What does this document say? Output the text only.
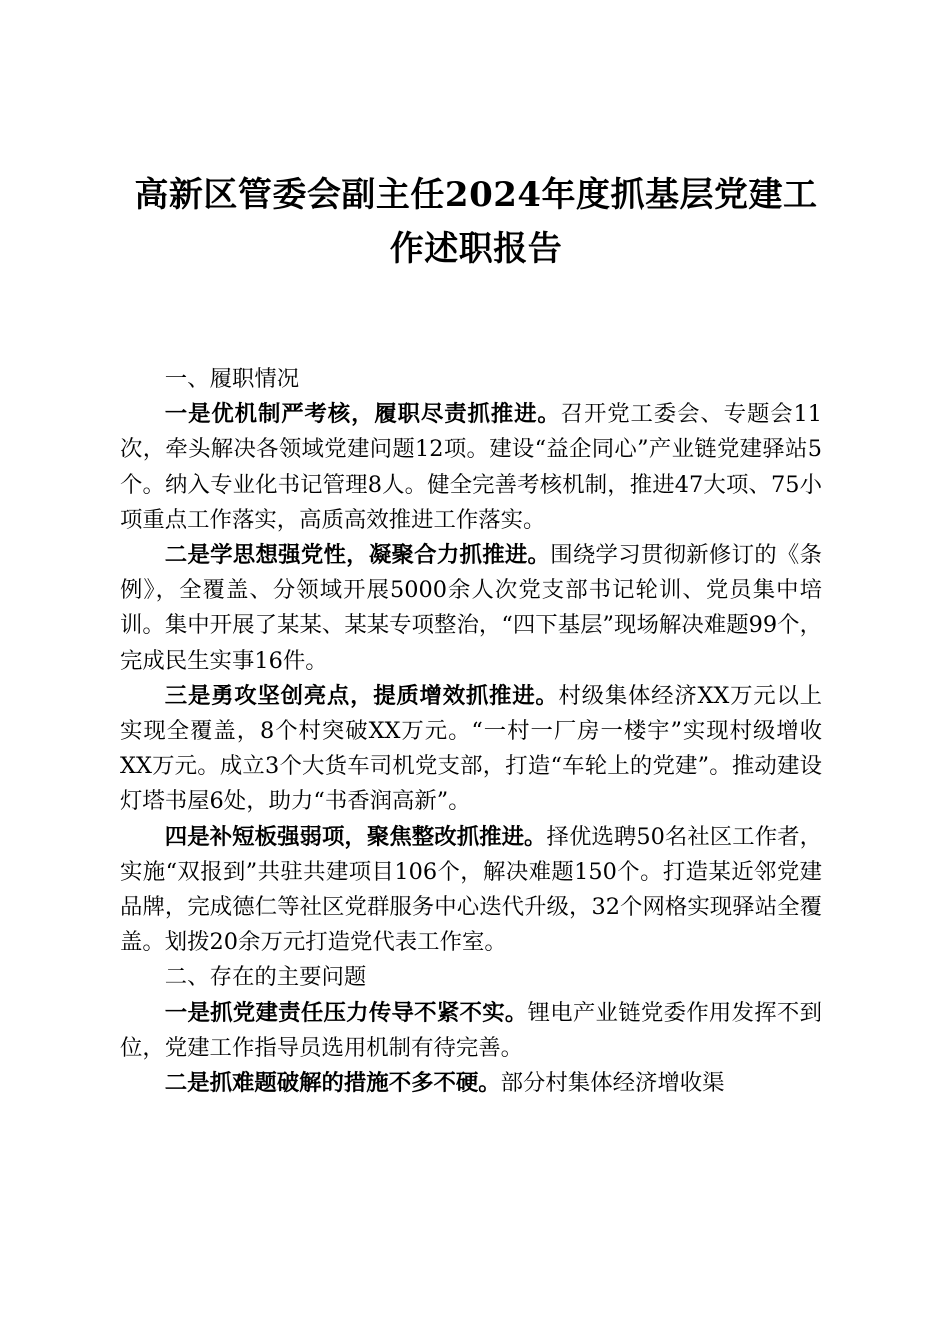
高新区管委会副主任2024年度抓基层党建工作述职报告

一、履职情况

一是优机制严考核，履职尽责抓推进。召开党工委会、专题会11次，牵头解决各领域党建问题12项。建设“益企同心”产业链党建驿站5个。纳入专业化书记管理8人。健全完善考核机制，推进47大项、75小项重点工作落实，高质高效推进工作落实。

二是学思想强党性，凝聚合力抓推进。围绕学习贯彻新修订的《条例》，全覆盖、分领域开展5000余人次党支部书记轮训、党员集中培训。集中开展了某某、某某专项整治，“四下基层”现场解决难题99个，完成民生实事16件。

三是勇攻坚创亮点，提质增效抓推进。村级集体经济XX万元以上实现全覆盖，8个村突破XX万元。“一村一厂房一楼宇”实现村级增收XX万元。成立3个大货车司机党支部，打造“车轮上的党建”。推动建设灯塔书屋6处，助力“书香润高新”。

四是补短板强弱项，聚焦整改抓推进。择优选聘50名社区工作者，实施“双报到”共驻共建项目106个，解决难题150个。打造某近邻党建品牌，完成德仁等社区党群服务中心迭代升级，32个网格实现驿站全覆盖。划拨20余万元打造党代表工作室。

二、存在的主要问题

一是抓党建责任压力传导不紧不实。锂电产业链党委作用发挥不到位，党建工作指导员选用机制有待完善。

二是抓难题破解的措施不多不硬。部分村集体经济增收渠
